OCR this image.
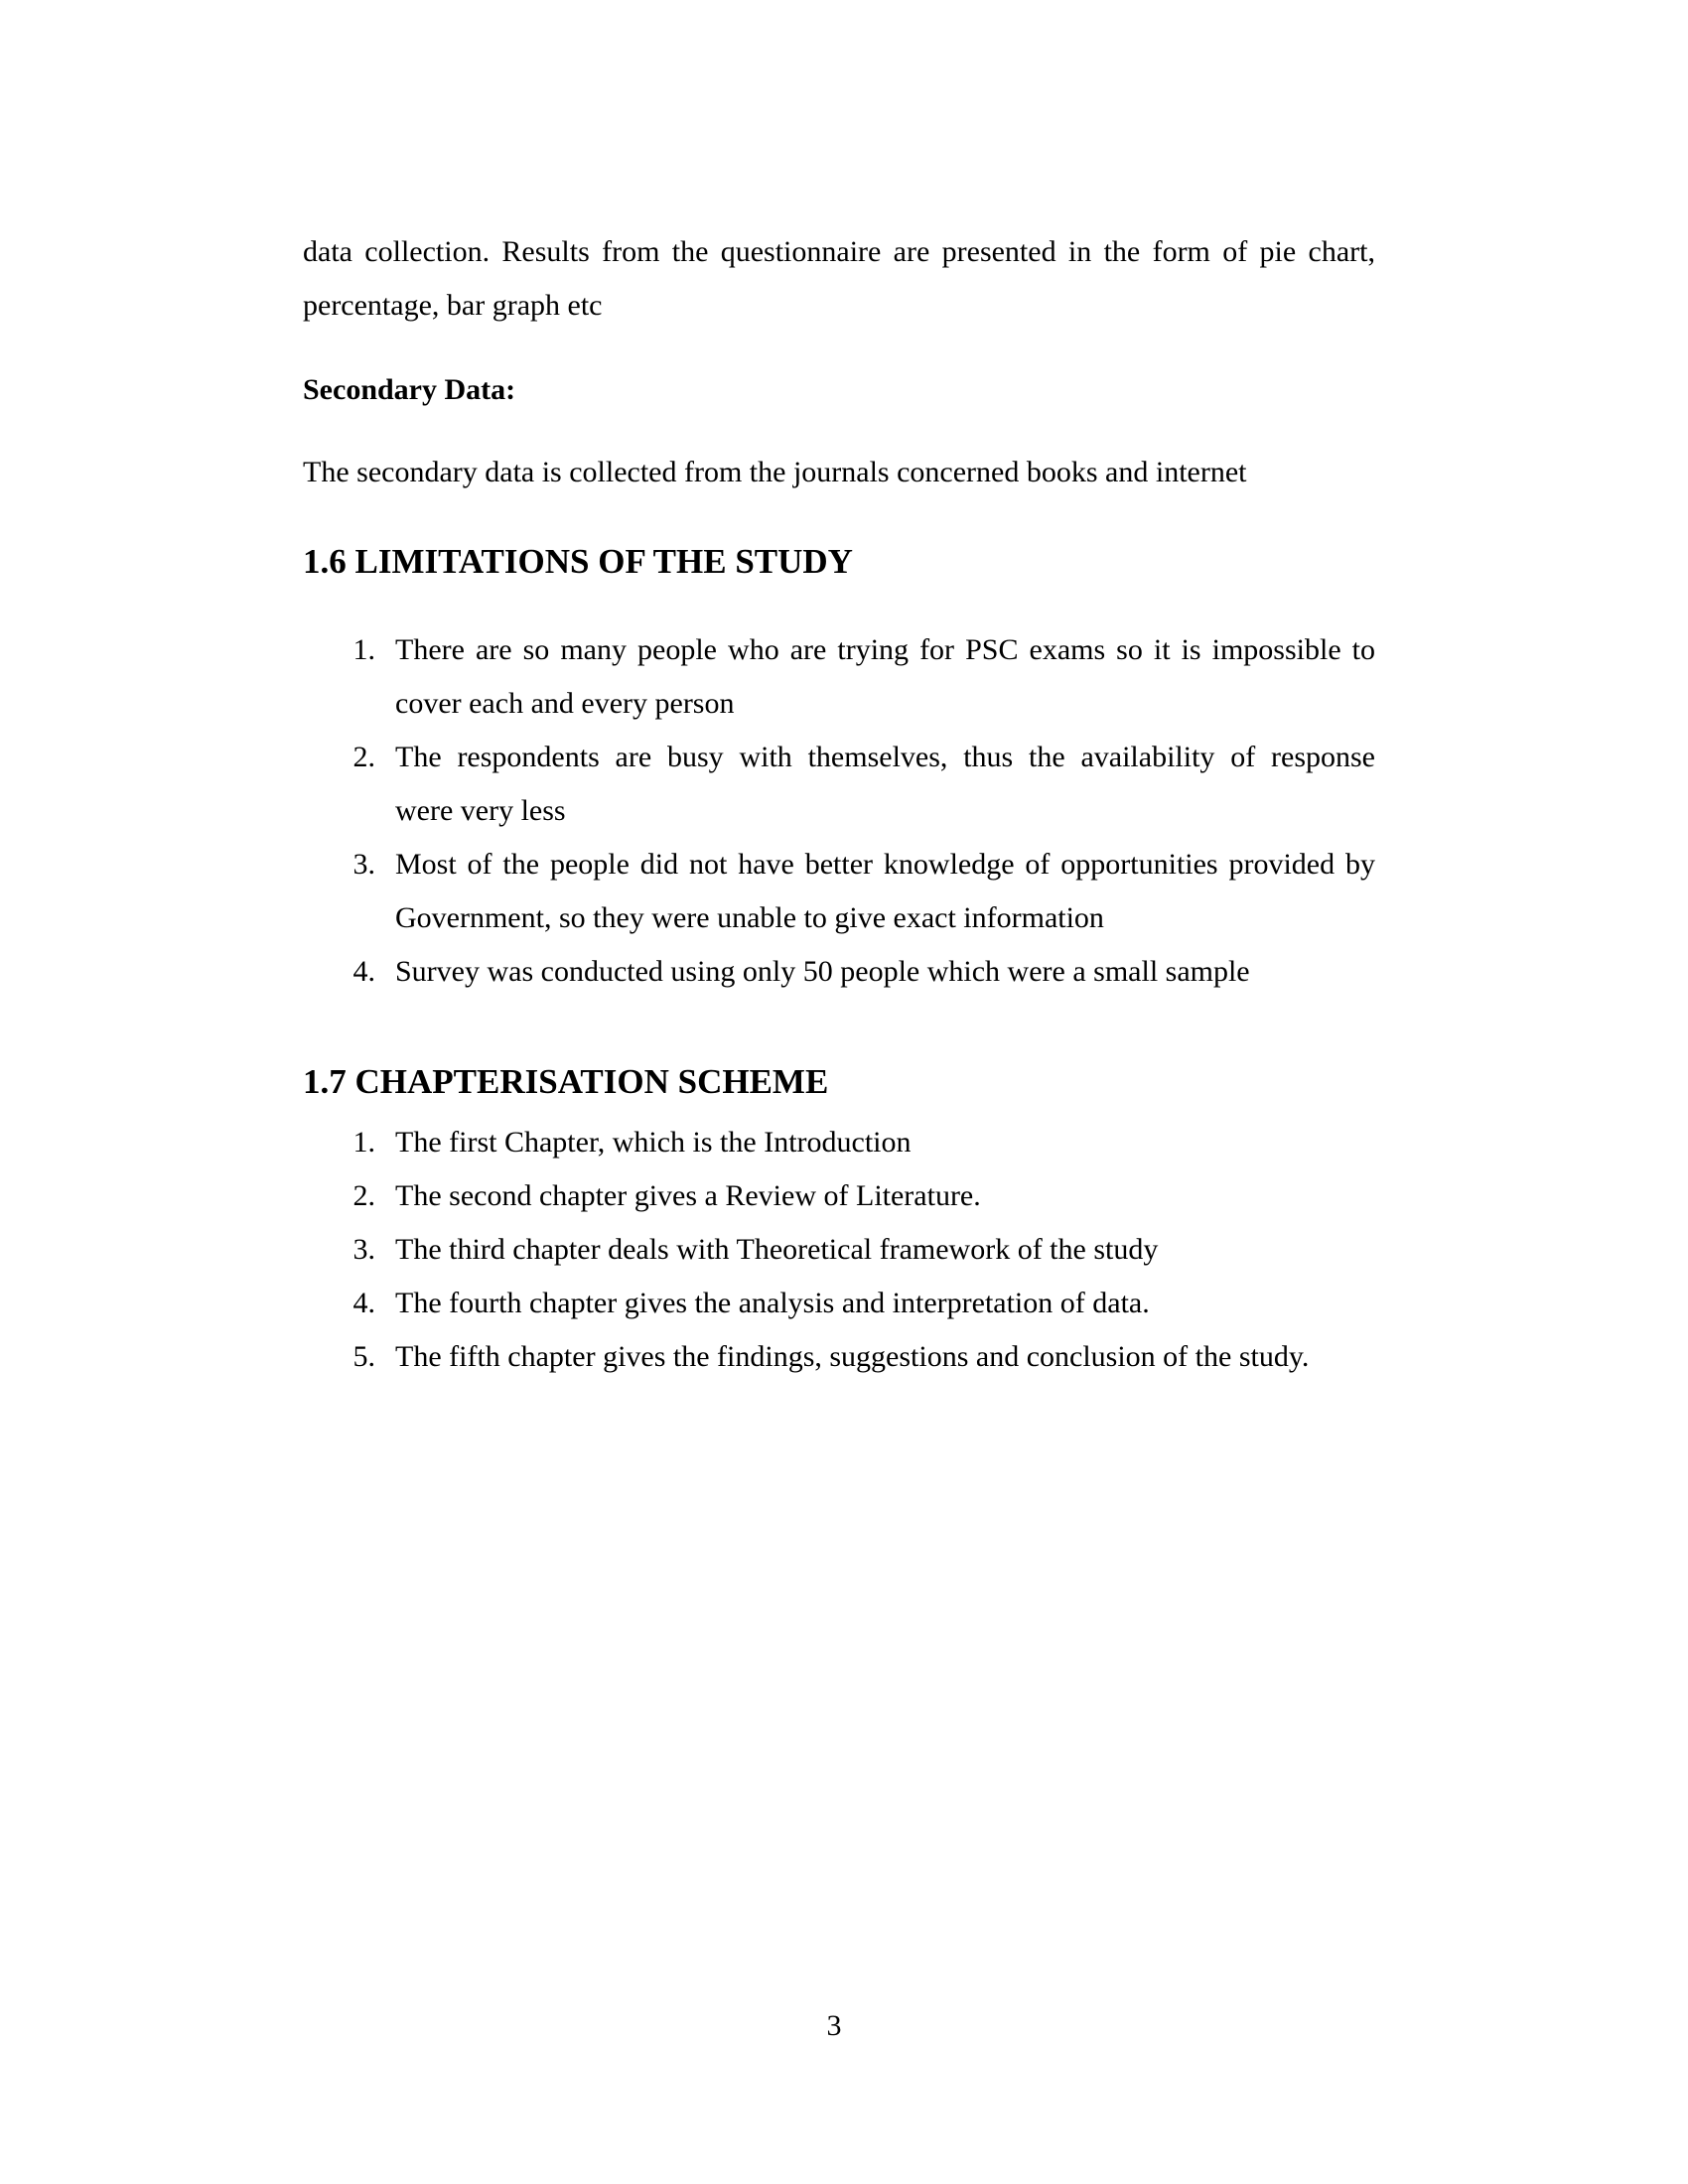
data collection. Results from the questionnaire are presented in the form of pie chart,
percentage, bar graph etc
Secondary Data:
The secondary data is collected from the journals concerned books and internet
1.6 LIMITATIONS OF THE STUDY
1. There are so many people who are trying for PSC exams so it is impossible to
cover each and every person
2. The respondents are busy with themselves, thus the availability of response
were very less
3. Most of the people did not have better knowledge of opportunities provided by
Government, so they were unable to give exact information
4. Survey was conducted using only 50 people which were a small sample
1.7 CHAPTERISATION SCHEME
1. The first Chapter, which is the Introduction
2. The second chapter gives a Review of Literature.
3. The third chapter deals with Theoretical framework of the study
4. The fourth chapter gives the analysis and interpretation of data.
5. The fifth chapter gives the findings, suggestions and conclusion of the study.
3
